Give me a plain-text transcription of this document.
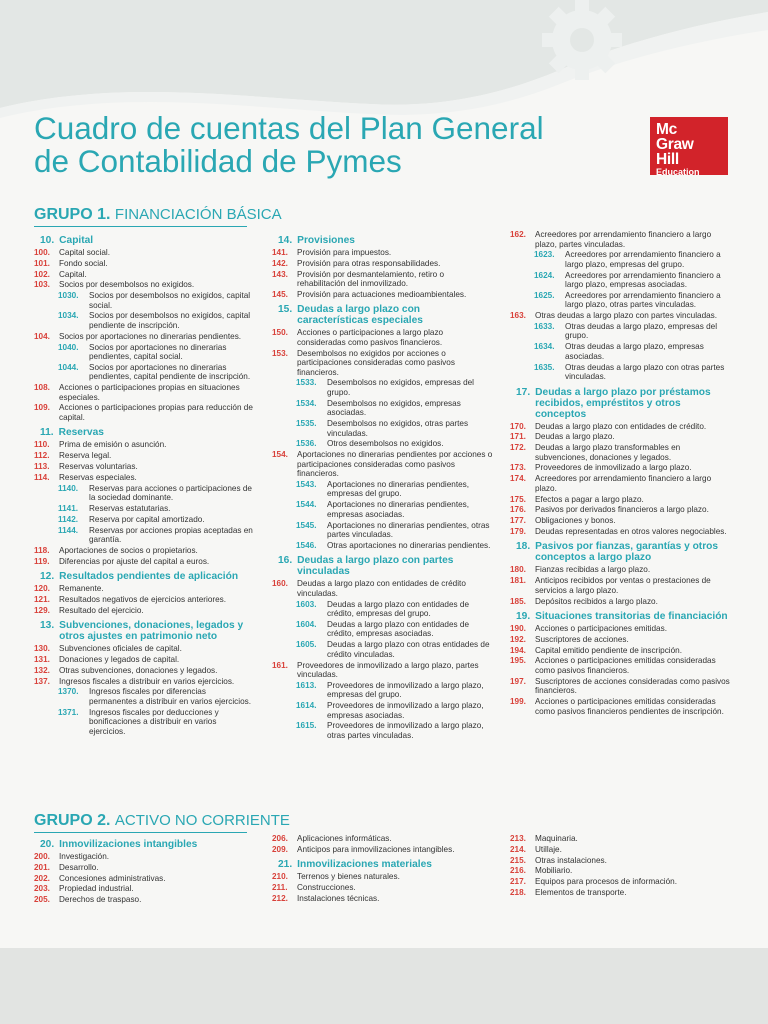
Cuadro de cuentas del Plan General
de Contabilidad de Pymes
Mc
Graw
Hill
Education
GRUPO 1. FINANCIACIÓN BÁSICA
10. Capital
100.	Capital social.
101.	Fondo social.
102.	Capital.
103.	Socios por desembolsos no exigidos.
1030.	Socios por desembolsos no exigidos, capital social.
1034.	Socios por desembolsos no exigidos, capital pendiente de inscripción.
104.	Socios por aportaciones no dinerarias pendientes.
1040.	Socios por aportaciones no dinerarias pendientes, capital social.
1044.	Socios por aportaciones no dinerarias pendientes, capital pendiente de inscripción.
108.	Acciones o participaciones propias en situaciones especiales.
109.	Acciones o participaciones propias para reducción de capital.
11. Reservas
110.	Prima de emisión o asunción.
112.	Reserva legal.
113.	Reservas voluntarias.
114.	Reservas especiales.
1140.	Reservas para acciones o participaciones de la sociedad dominante.
1141.	Reservas estatutarias.
1142.	Reserva por capital amortizado.
1144.	Reservas por acciones propias aceptadas en garantía.
118.	Aportaciones de socios o propietarios.
119.	Diferencias por ajuste del capital a euros.
12. Resultados pendientes de aplicación
120.	Remanente.
121.	Resultados negativos de ejercicios anteriores.
129.	Resultado del ejercicio.
13. Subvenciones, donaciones, legados y otros ajustes en patrimonio neto
130.	Subvenciones oficiales de capital.
131.	Donaciones y legados de capital.
132.	Otras subvenciones, donaciones y legados.
137.	Ingresos fiscales a distribuir en varios ejercicios.
1370.	Ingresos fiscales por diferencias permanentes a distribuir en varios ejercicios.
1371.	Ingresos fiscales por deducciones y bonificaciones a distribuir en varios ejercicios.
14. Provisiones
141.	Provisión para impuestos.
142.	Provisión para otras responsabilidades.
143.	Provisión por desmantelamiento, retiro o rehabilitación del inmovilizado.
145.	Provisión para actuaciones medioambientales.
15. Deudas a largo plazo con características especiales
150.	Acciones o participaciones a largo plazo consideradas como pasivos financieros.
153.	Desembolsos no exigidos por acciones o participaciones consideradas como pasivos financieros.
1533.	Desembolsos no exigidos, empresas del grupo.
1534.	Desembolsos no exigidos, empresas asociadas.
1535.	Desembolsos no exigidos, otras partes vinculadas.
1536.	Otros desembolsos no exigidos.
154.	Aportaciones no dinerarias pendientes por acciones o participaciones consideradas como pasivos financieros.
1543.	Aportaciones no dinerarias pendientes, empresas del grupo.
1544.	Aportaciones no dinerarias pendientes, empresas asociadas.
1545.	Aportaciones no dinerarias pendientes, otras partes vinculadas.
1546.	Otras aportaciones no dinerarias pendientes.
16. Deudas a largo plazo con partes vinculadas
160.	Deudas a largo plazo con entidades de crédito vinculadas.
1603.	Deudas a largo plazo con entidades de crédito, empresas del grupo.
1604.	Deudas a largo plazo con entidades de crédito, empresas asociadas.
1605.	Deudas a largo plazo con otras entidades de crédito vinculadas.
161.	Proveedores de inmovilizado a largo plazo, partes vinculadas.
1613.	Proveedores de inmovilizado a largo plazo, empresas del grupo.
1614.	Proveedores de inmovilizado a largo plazo, empresas asociadas.
1615.	Proveedores de inmovilizado a largo plazo, otras partes vinculadas.
162.	Acreedores por arrendamiento financiero a largo plazo, partes vinculadas.
1623.	Acreedores por arrendamiento financiero a largo plazo, empresas del grupo.
1624.	Acreedores por arrendamiento financiero a largo plazo, empresas asociadas.
1625.	Acreedores por arrendamiento financiero a largo plazo, otras partes vinculadas.
163.	Otras deudas a largo plazo con partes vinculadas.
1633.	Otras deudas a largo plazo, empresas del grupo.
1634.	Otras deudas a largo plazo, empresas asociadas.
1635.	Otras deudas a largo plazo con otras partes vinculadas.
17. Deudas a largo plazo por préstamos recibidos, empréstitos y otros conceptos
170.	Deudas a largo plazo con entidades de crédito.
171.	Deudas a largo plazo.
172.	Deudas a largo plazo transformables en subvenciones, donaciones y legados.
173.	Proveedores de inmovilizado a largo plazo.
174.	Acreedores por arrendamiento financiero a largo plazo.
175.	Efectos a pagar a largo plazo.
176.	Pasivos por derivados financieros a largo plazo.
177.	Obligaciones y bonos.
179.	Deudas representadas en otros valores negociables.
18. Pasivos por fianzas, garantías y otros conceptos a largo plazo
180.	Fianzas recibidas a largo plazo.
181.	Anticipos recibidos por ventas o prestaciones de servicios a largo plazo.
185.	Depósitos recibidos a largo plazo.
19. Situaciones transitorias de financiación
190.	Acciones o participaciones emitidas.
192.	Suscriptores de acciones.
194.	Capital emitido pendiente de inscripción.
195.	Acciones o participaciones emitidas consideradas como pasivos financieros.
197.	Suscriptores de acciones consideradas como pasivos financieros.
199.	Acciones o participaciones emitidas consideradas como pasivos financieros pendientes de inscripción.
GRUPO 2. ACTIVO NO CORRIENTE
20. Inmovilizaciones intangibles
200.	Investigación.
201.	Desarrollo.
202.	Concesiones administrativas.
203.	Propiedad industrial.
205.	Derechos de traspaso.
206.	Aplicaciones informáticas.
209.	Anticipos para inmovilizaciones intangibles.
21. Inmovilizaciones materiales
210.	Terrenos y bienes naturales.
211.	Construcciones.
212.	Instalaciones técnicas.
213.	Maquinaria.
214.	Utillaje.
215.	Otras instalaciones.
216.	Mobiliario.
217.	Equipos para procesos de información.
218.	Elementos de transporte.
